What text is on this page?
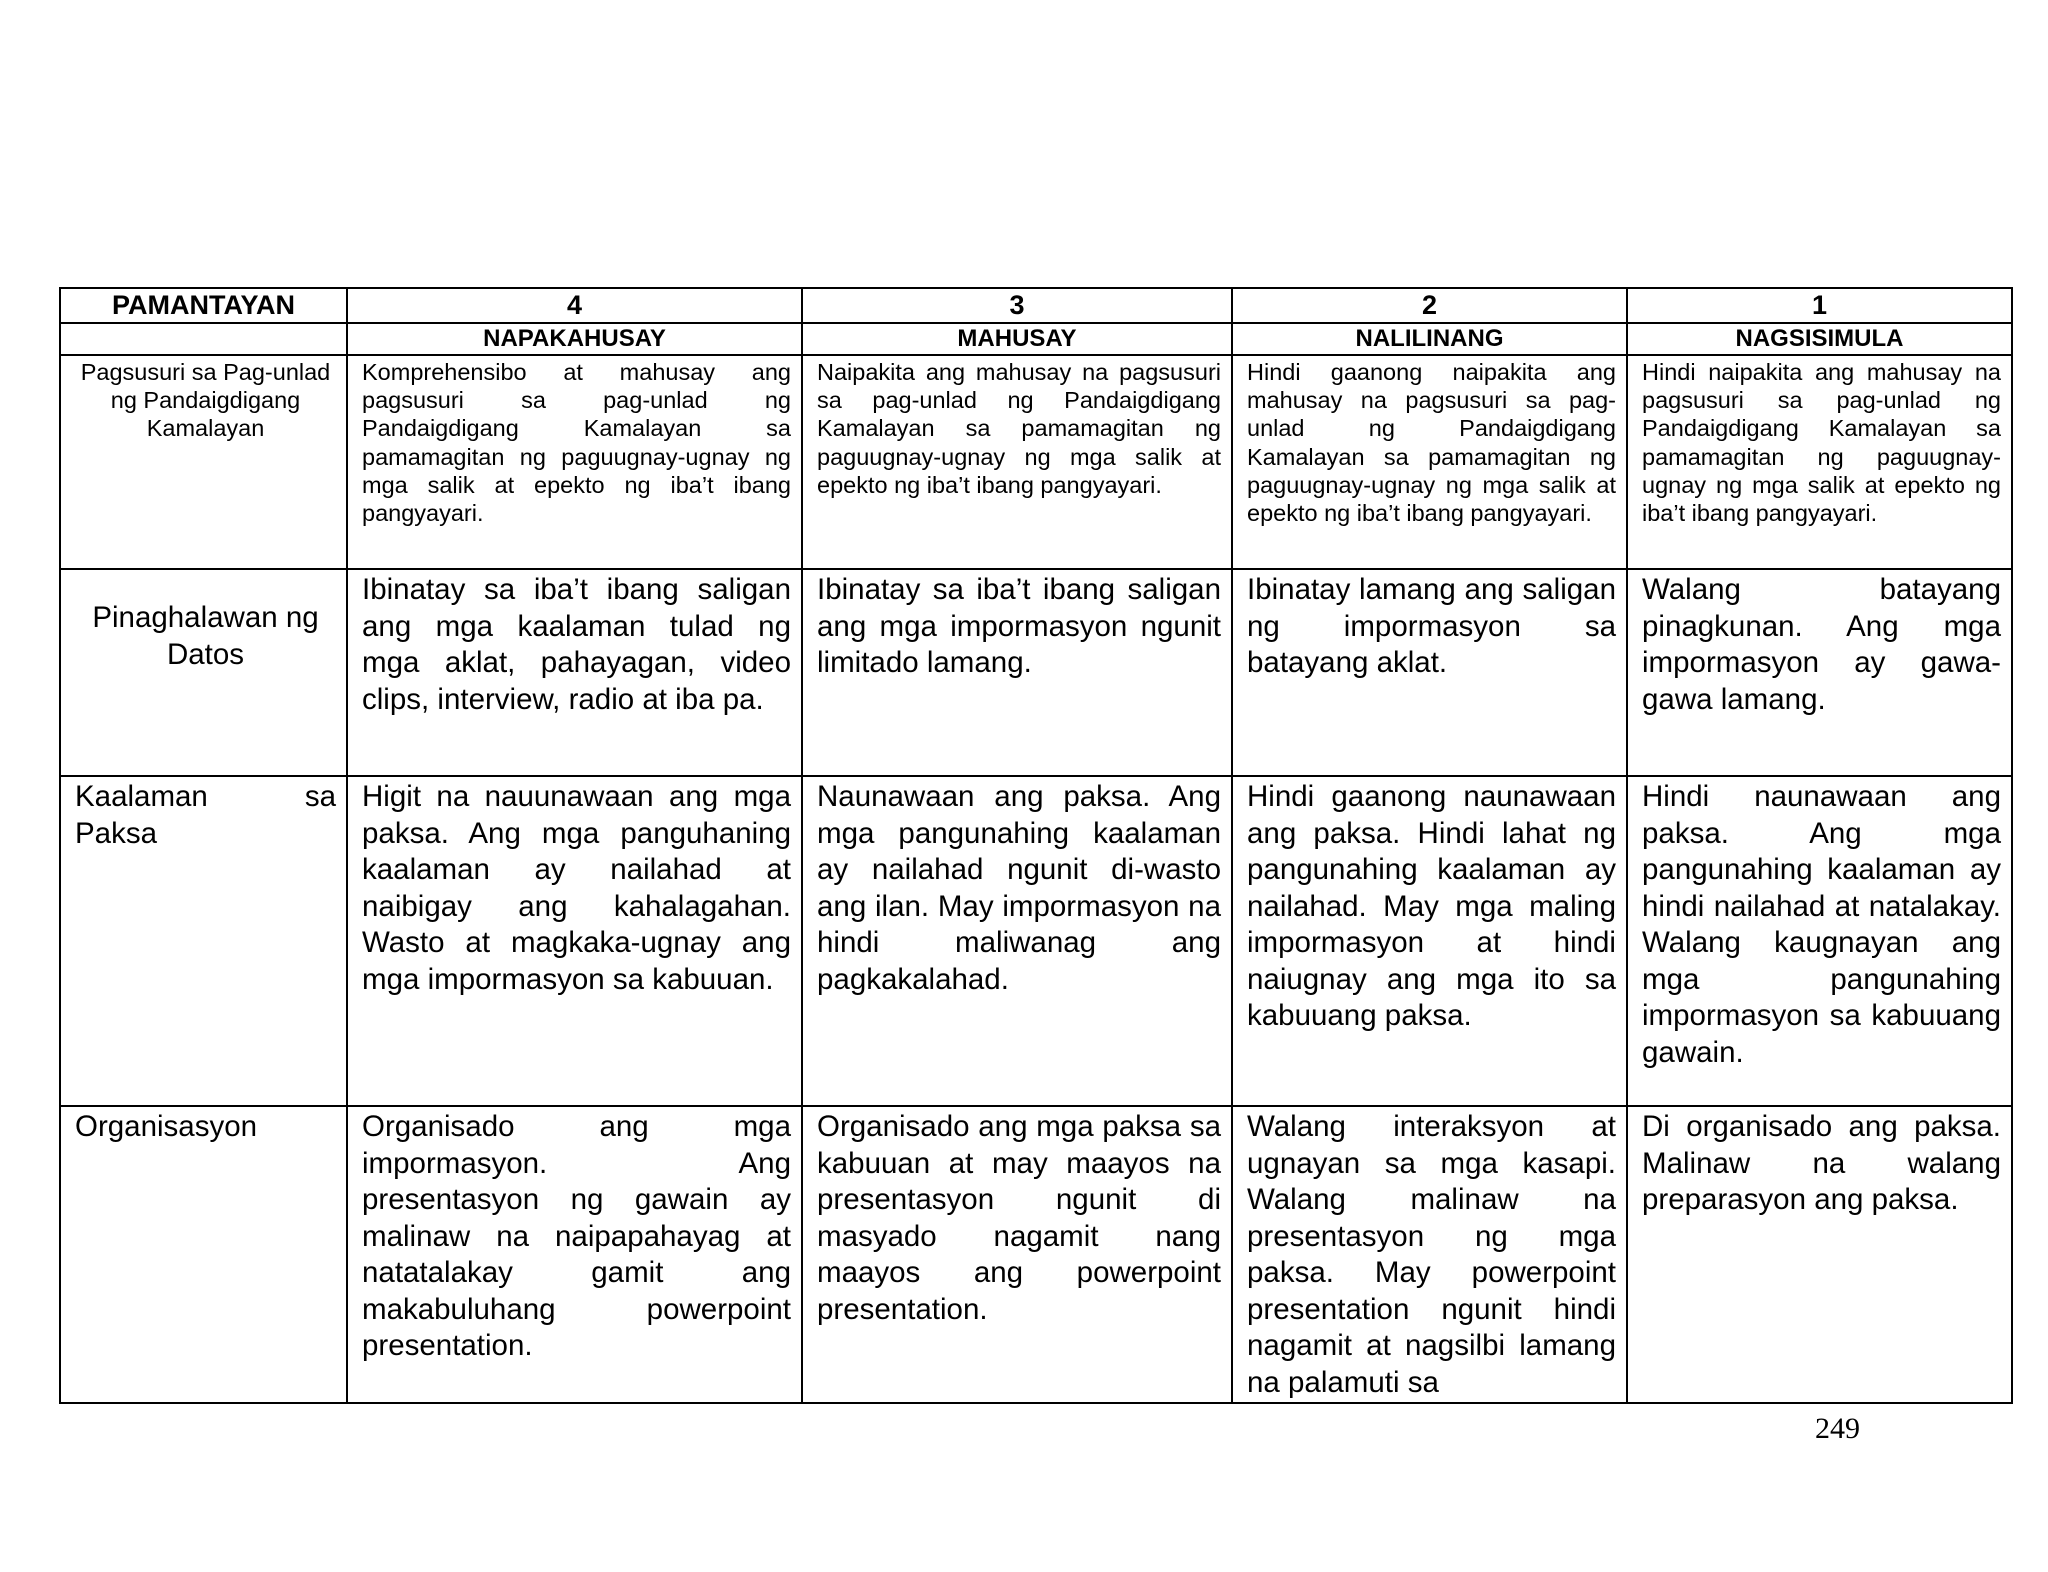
PAMANTAYAN	4	3	2	1
	NAPAKAHUSAY	MAHUSAY	NALILINANG	NAGSISIMULA
Pagsusuri sa Pag-unlad ng Pandaigdigang Kamalayan	Komprehensibo at mahusay ang pagsusuri sa pag-unlad ng Pandaigdigang Kamalayan sa pamamagitan ng paguugnay-ugnay ng mga salik at epekto ng iba’t ibang pangyayari.	Naipakita ang mahusay na pagsusuri sa pag-unlad ng Pandaigdigang Kamalayan sa pamamagitan ng paguugnay-ugnay ng mga salik at epekto ng iba’t ibang pangyayari.	Hindi gaanong naipakita ang mahusay na pagsusuri sa pag-unlad ng Pandaigdigang Kamalayan sa pamamagitan ng paguugnay-ugnay ng mga salik at epekto ng iba’t ibang pangyayari.	Hindi naipakita ang mahusay na pagsusuri sa pag-unlad ng Pandaigdigang Kamalayan sa pamamagitan ng paguugnay-ugnay ng mga salik at epekto ng iba’t ibang pangyayari.
Pinaghalawan ng Datos	Ibinatay sa iba’t ibang saligan ang mga kaalaman tulad ng mga aklat, pahayagan, video clips, interview, radio at iba pa.	Ibinatay sa iba’t ibang saligan ang mga impormasyon ngunit limitado lamang.	Ibinatay lamang ang saligan ng impormasyon sa batayang aklat.	Walang batayang pinagkunan. Ang mga impormasyon ay gawa-gawa lamang.
Kaalaman sa Paksa	Higit na nauunawaan ang mga paksa. Ang mga panguhaning kaalaman ay nailahad at naibigay ang kahalagahan. Wasto at magkaka-ugnay ang mga impormasyon sa kabuuan.	Naunawaan ang paksa. Ang mga pangunahing kaalaman ay nailahad ngunit di-wasto ang ilan. May impormasyon na hindi maliwanag ang pagkakalahad.	Hindi gaanong naunawaan ang paksa. Hindi lahat ng pangunahing kaalaman ay nailahad. May mga maling impormasyon at hindi naiugnay ang mga ito sa kabuuang paksa.	Hindi naunawaan ang paksa. Ang mga pangunahing kaalaman ay hindi nailahad at natalakay. Walang kaugnayan ang mga pangunahing impormasyon sa kabuuang gawain.
Organisasyon	Organisado ang mga impormasyon. Ang presentasyon ng gawain ay malinaw na naipapahayag at natatalakay gamit ang makabuluhang powerpoint presentation.	Organisado ang mga paksa sa kabuuan at may maayos na presentasyon ngunit di masyado nagamit nang maayos ang powerpoint presentation.	Walang interaksyon at ugnayan sa mga kasapi. Walang malinaw na presentasyon ng mga paksa. May powerpoint presentation ngunit hindi nagamit at nagsilbi lamang na palamuti sa	Di organisado ang paksa. Malinaw na walang preparasyon ang paksa.
249
